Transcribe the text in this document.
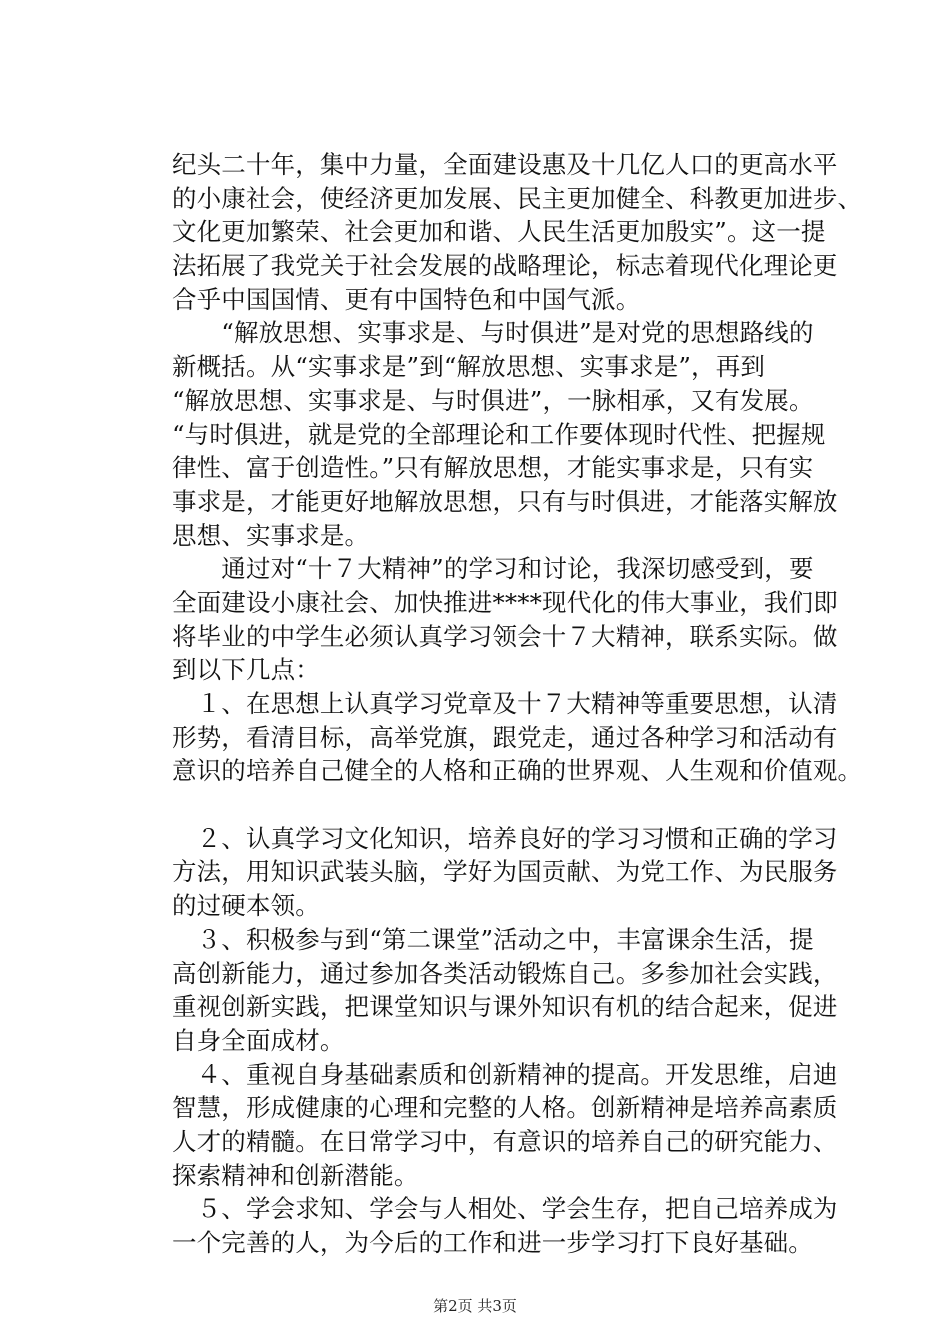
纪头二十年，集中力量，全面建设惠及十几亿人口的更高水平
的小康社会，使经济更加发展、民主更加健全、科教更加进步、
文化更加繁荣、社会更加和谐、人民生活更加殷实”。这一提
法拓展了我党关于社会发展的战略理论，标志着现代化理论更
合乎中国国情、更有中国特色和中国气派。
　　“解放思想、实事求是、与时俱进”是对党的思想路线的
新概括。从“实事求是”到“解放思想、实事求是”，再到
“解放思想、实事求是、与时俱进”，一脉相承，又有发展。
“与时俱进，就是党的全部理论和工作要体现时代性、把握规
律性、富于创造性。”只有解放思想，才能实事求是，只有实
事求是，才能更好地解放思想，只有与时俱进，才能落实解放
思想、实事求是。
　　通过对“十７大精神”的学习和讨论，我深切感受到，要
全面建设小康社会、加快推进****现代化的伟大事业，我们即
将毕业的中学生必须认真学习领会十７大精神，联系实际。做
到以下几点：
　１、在思想上认真学习党章及十７大精神等重要思想，认清
形势，看清目标，高举党旗，跟党走，通过各种学习和活动有
意识的培养自己健全的人格和正确的世界观、人生观和价值观。
　２、认真学习文化知识，培养良好的学习习惯和正确的学习
方法，用知识武装头脑，学好为国贡献、为党工作、为民服务
的过硬本领。
　３、积极参与到“第二课堂”活动之中，丰富课余生活，提
高创新能力，通过参加各类活动锻炼自己。多参加社会实践，
重视创新实践，把课堂知识与课外知识有机的结合起来，促进
自身全面成材。
　４、重视自身基础素质和创新精神的提高。开发思维，启迪
智慧，形成健康的心理和完整的人格。创新精神是培养高素质
人才的精髓。在日常学习中，有意识的培养自己的研究能力、
探索精神和创新潜能。
　５、学会求知、学会与人相处、学会生存，把自己培养成为
一个完善的人，为今后的工作和进一步学习打下良好基础。
第2页 共3页
